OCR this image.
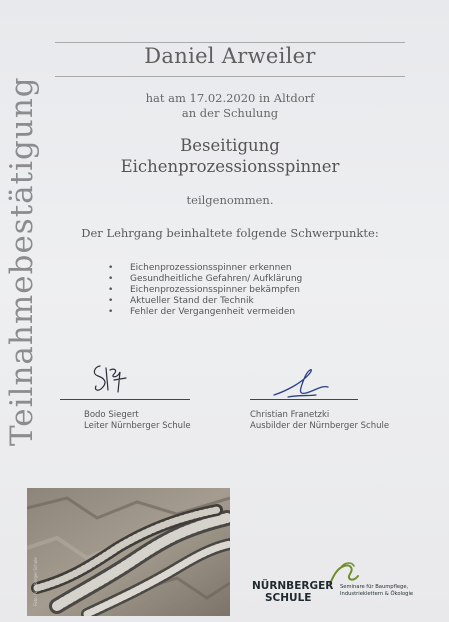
Teilnahmebestätigung
Daniel Arweiler
hat am 17.02.2020 in Altdorf
an der Schulung
Beseitigung
Eichenprozessionsspinner
teilgenommen.
Der Lehrgang beinhaltete folgende Schwerpunkte:
• Eichenprozessionsspinner erkennen
• Gesundheitliche Gefahren/ Aufklärung
• Eichenprozessionsspinner bekämpfen
• Aktueller Stand der Technik
• Fehler der Vergangenheit vermeiden
Bodo Siegert
Leiter Nürnberger Schule
Christian Franetzki
Ausbilder der Nürnberger Schule
Foto: Nürnberger Schule	NÜRNBERGER
SCHULE
Seminare für Baumpflege, Industrieklettern & Ökologie
